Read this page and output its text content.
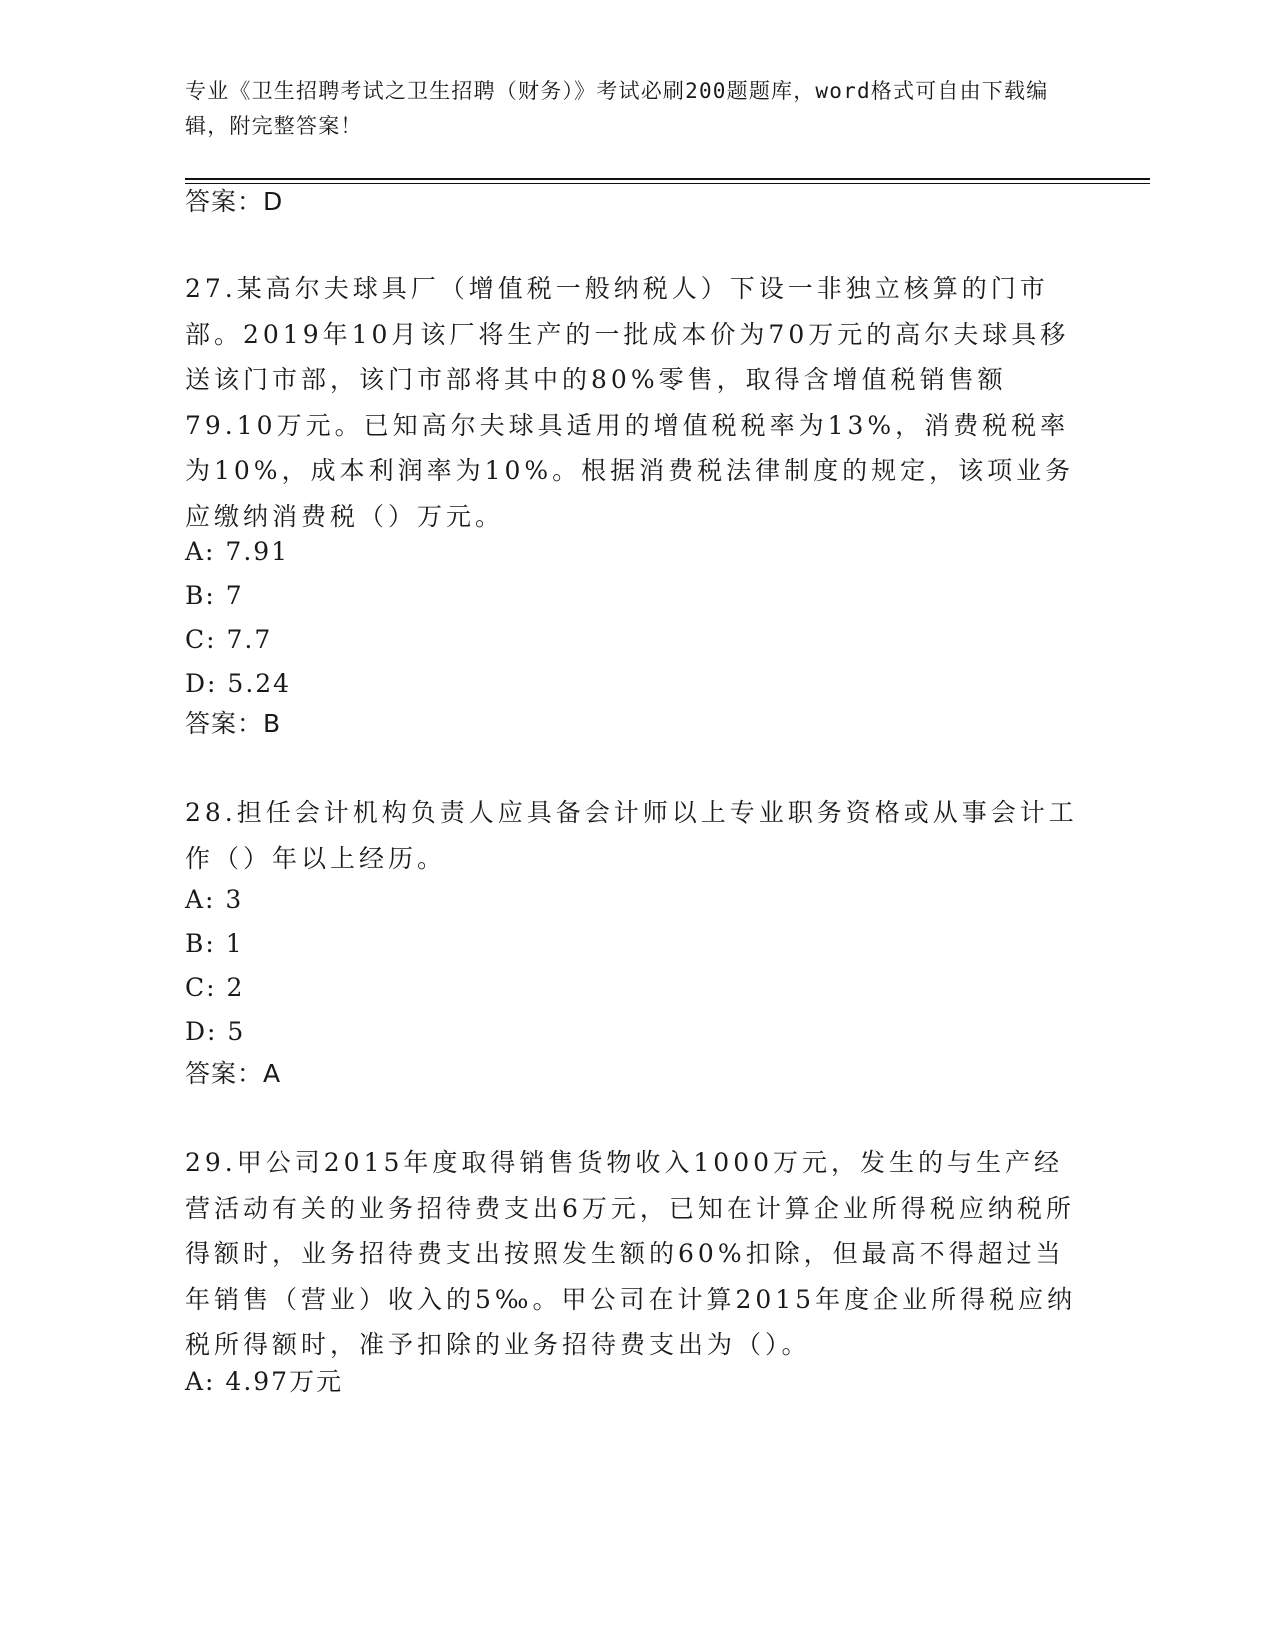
专业《卫生招聘考试之卫生招聘（财务）》考试必刷200题题库，word格式可自由下载编辑，附完整答案！

答案：D

27.某高尔夫球具厂（增值税一般纳税人）下设一非独立核算的门市部。2019年10月该厂将生产的一批成本价为70万元的高尔夫球具移送该门市部，该门市部将其中的80%零售，取得含增值税销售额79.10万元。已知高尔夫球具适用的增值税税率为13%，消费税税率为10%，成本利润率为10%。根据消费税法律制度的规定，该项业务应缴纳消费税（）万元。

A: 7.91
B: 7
C: 7.7
D: 5.24
答案：B

28.担任会计机构负责人应具备会计师以上专业职务资格或从事会计工作（）年以上经历。

A: 3
B: 1
C: 2
D: 5
答案：A

29.甲公司2015年度取得销售货物收入1000万元，发生的与生产经营活动有关的业务招待费支出6万元，已知在计算企业所得税应纳税所得额时，业务招待费支出按照发生额的60%扣除，但最高不得超过当年销售（营业）收入的5‰。甲公司在计算2015年度企业所得税应纳税所得额时，准予扣除的业务招待费支出为（）。

A: 4.97万元
